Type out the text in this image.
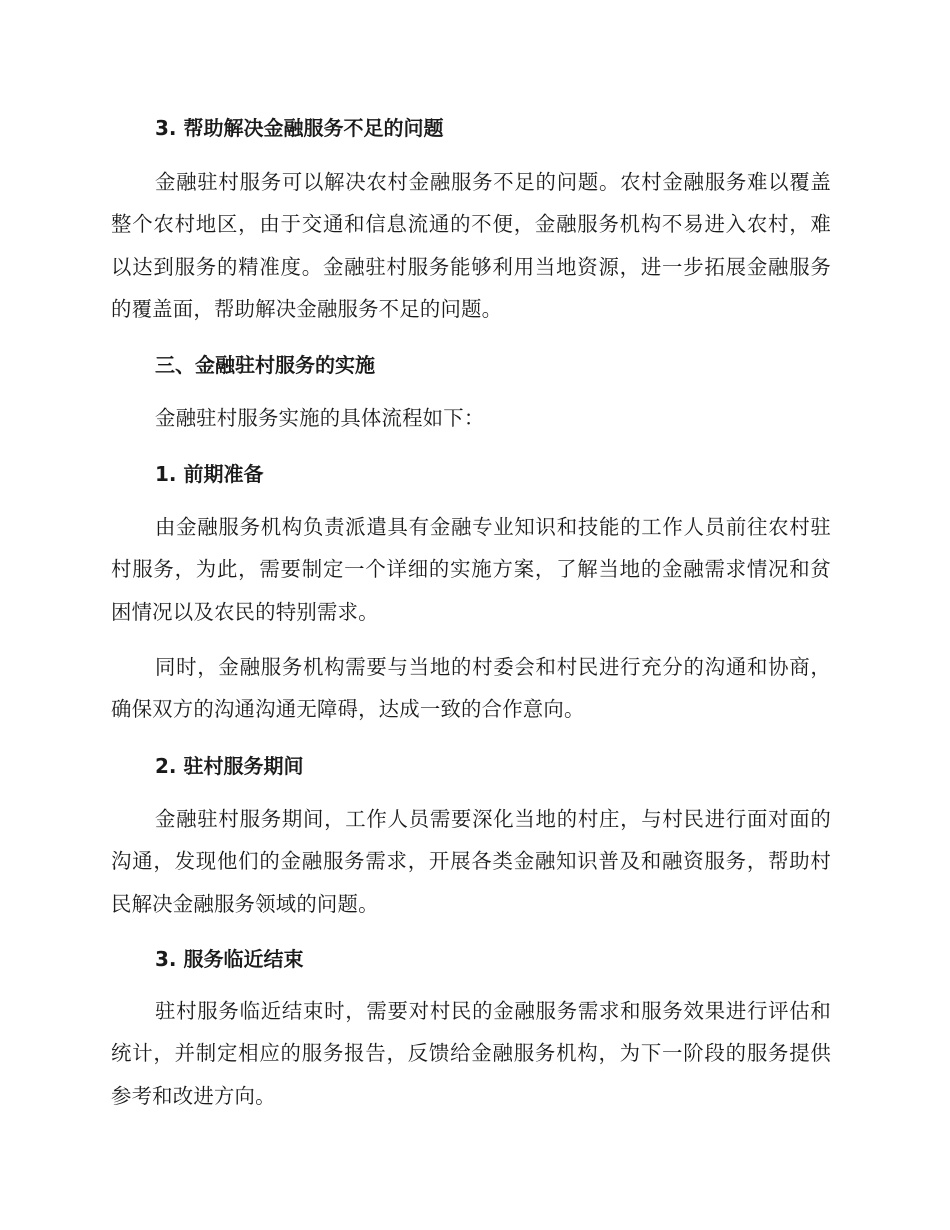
3. 帮助解决金融服务不足的问题
金融驻村服务可以解决农村金融服务不足的问题。农村金融服务难以覆盖整个农村地区，由于交通和信息流通的不便，金融服务机构不易进入农村，难以达到服务的精准度。金融驻村服务能够利用当地资源，进一步拓展金融服务的覆盖面，帮助解决金融服务不足的问题。
三、金融驻村服务的实施
金融驻村服务实施的具体流程如下：
1. 前期准备
由金融服务机构负责派遣具有金融专业知识和技能的工作人员前往农村驻村服务，为此，需要制定一个详细的实施方案，了解当地的金融需求情况和贫困情况以及农民的特别需求。
同时，金融服务机构需要与当地的村委会和村民进行充分的沟通和协商，确保双方的沟通沟通无障碍，达成一致的合作意向。
2. 驻村服务期间
金融驻村服务期间，工作人员需要深化当地的村庄，与村民进行面对面的沟通，发现他们的金融服务需求，开展各类金融知识普及和融资服务，帮助村民解决金融服务领域的问题。
3. 服务临近结束
驻村服务临近结束时，需要对村民的金融服务需求和服务效果进行评估和统计，并制定相应的服务报告，反馈给金融服务机构，为下一阶段的服务提供参考和改进方向。
